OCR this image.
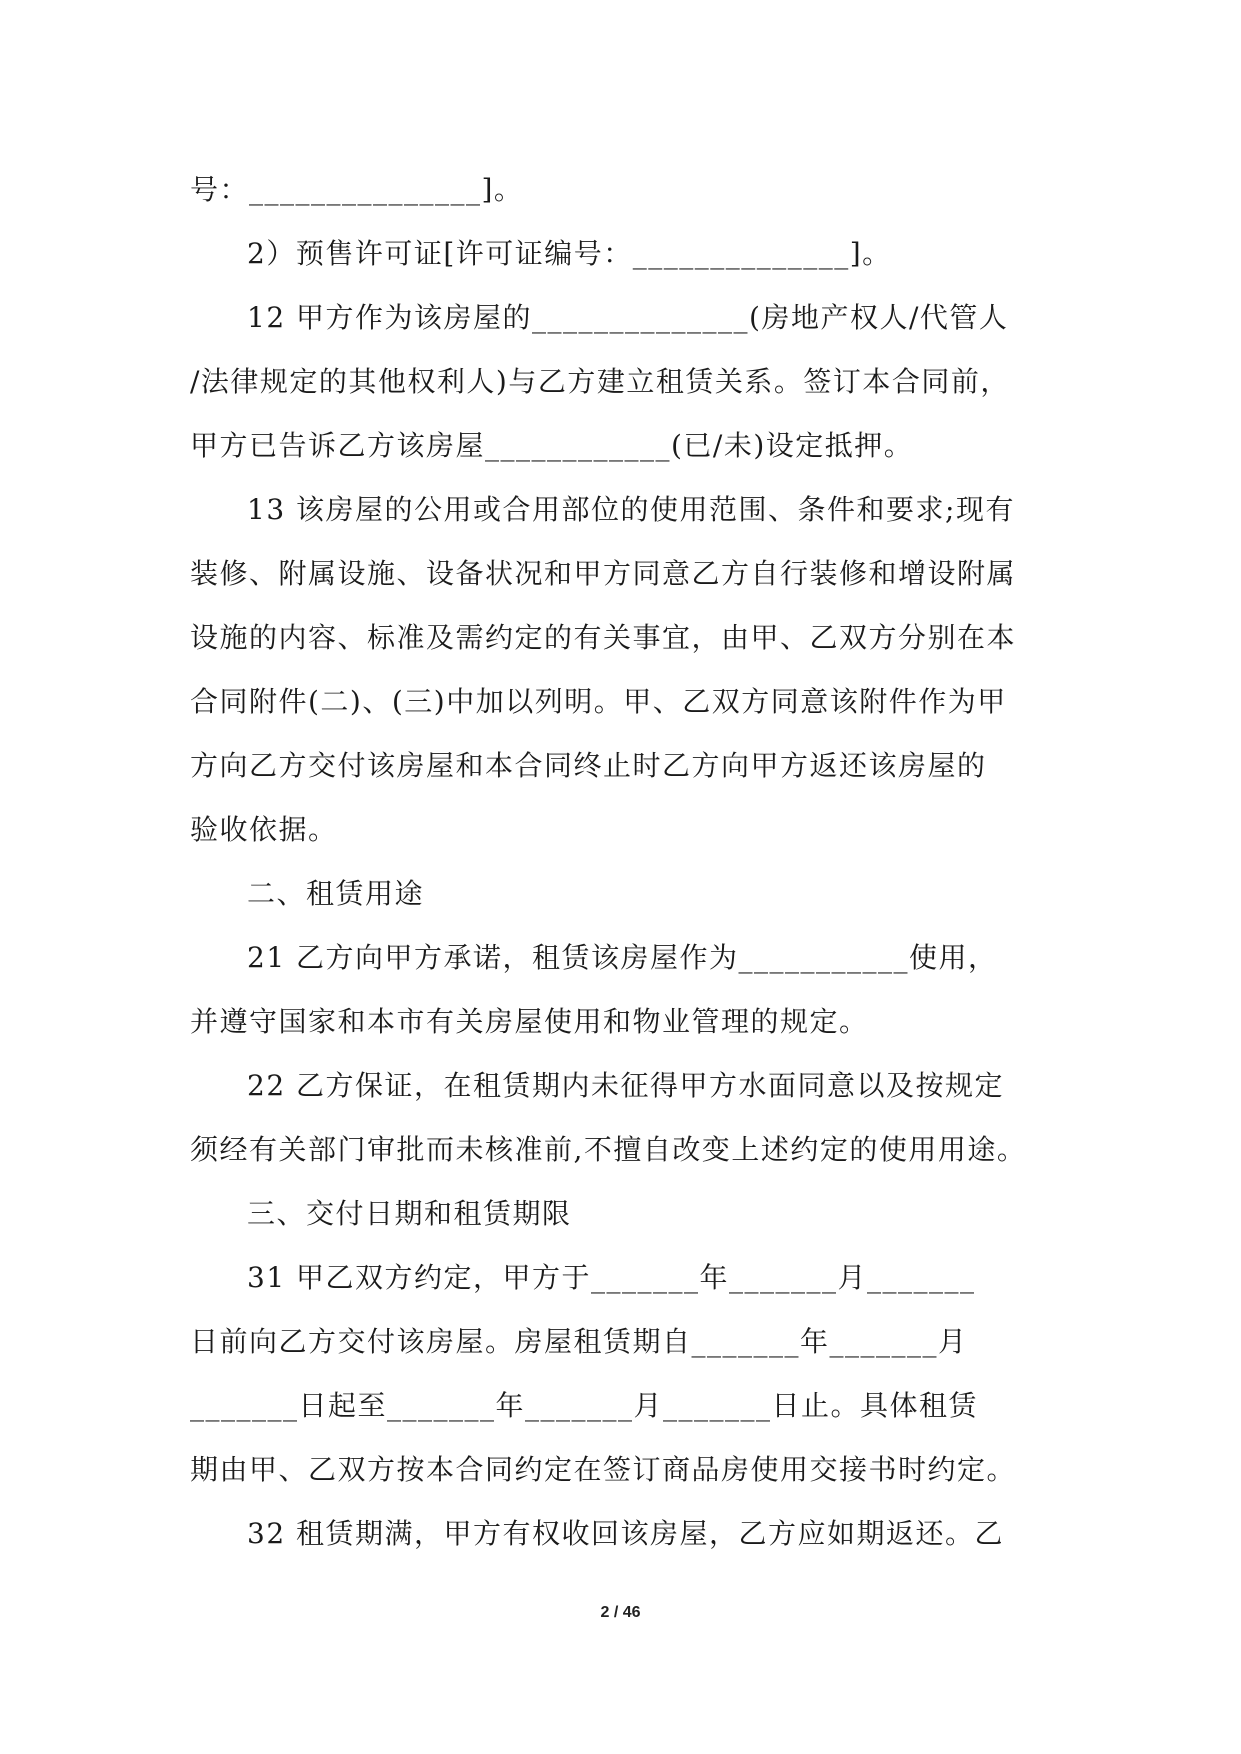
号：_______________]。
2）预售许可证[许可证编号：______________]。
12 甲方作为该房屋的______________(房地产权人/代管人
/法律规定的其他权利人)与乙方建立租赁关系。签订本合同前，
甲方已告诉乙方该房屋____________(已/未)设定抵押。
13 该房屋的公用或合用部位的使用范围、条件和要求;现有
装修、附属设施、设备状况和甲方同意乙方自行装修和增设附属
设施的内容、标准及需约定的有关事宜，由甲、乙双方分别在本
合同附件(二)、(三)中加以列明。甲、乙双方同意该附件作为甲
方向乙方交付该房屋和本合同终止时乙方向甲方返还该房屋的
验收依据。
二、租赁用途
21 乙方向甲方承诺，租赁该房屋作为___________使用，
并遵守国家和本市有关房屋使用和物业管理的规定。
22 乙方保证，在租赁期内未征得甲方水面同意以及按规定
须经有关部门审批而未核准前,不擅自改变上述约定的使用用途。
三、交付日期和租赁期限
31 甲乙双方约定，甲方于_______年_______月_______
日前向乙方交付该房屋。房屋租赁期自_______年_______月
_______日起至_______年_______月_______日止。具体租赁
期由甲、乙双方按本合同约定在签订商品房使用交接书时约定。
32 租赁期满，甲方有权收回该房屋，乙方应如期返还。乙
2 / 46
